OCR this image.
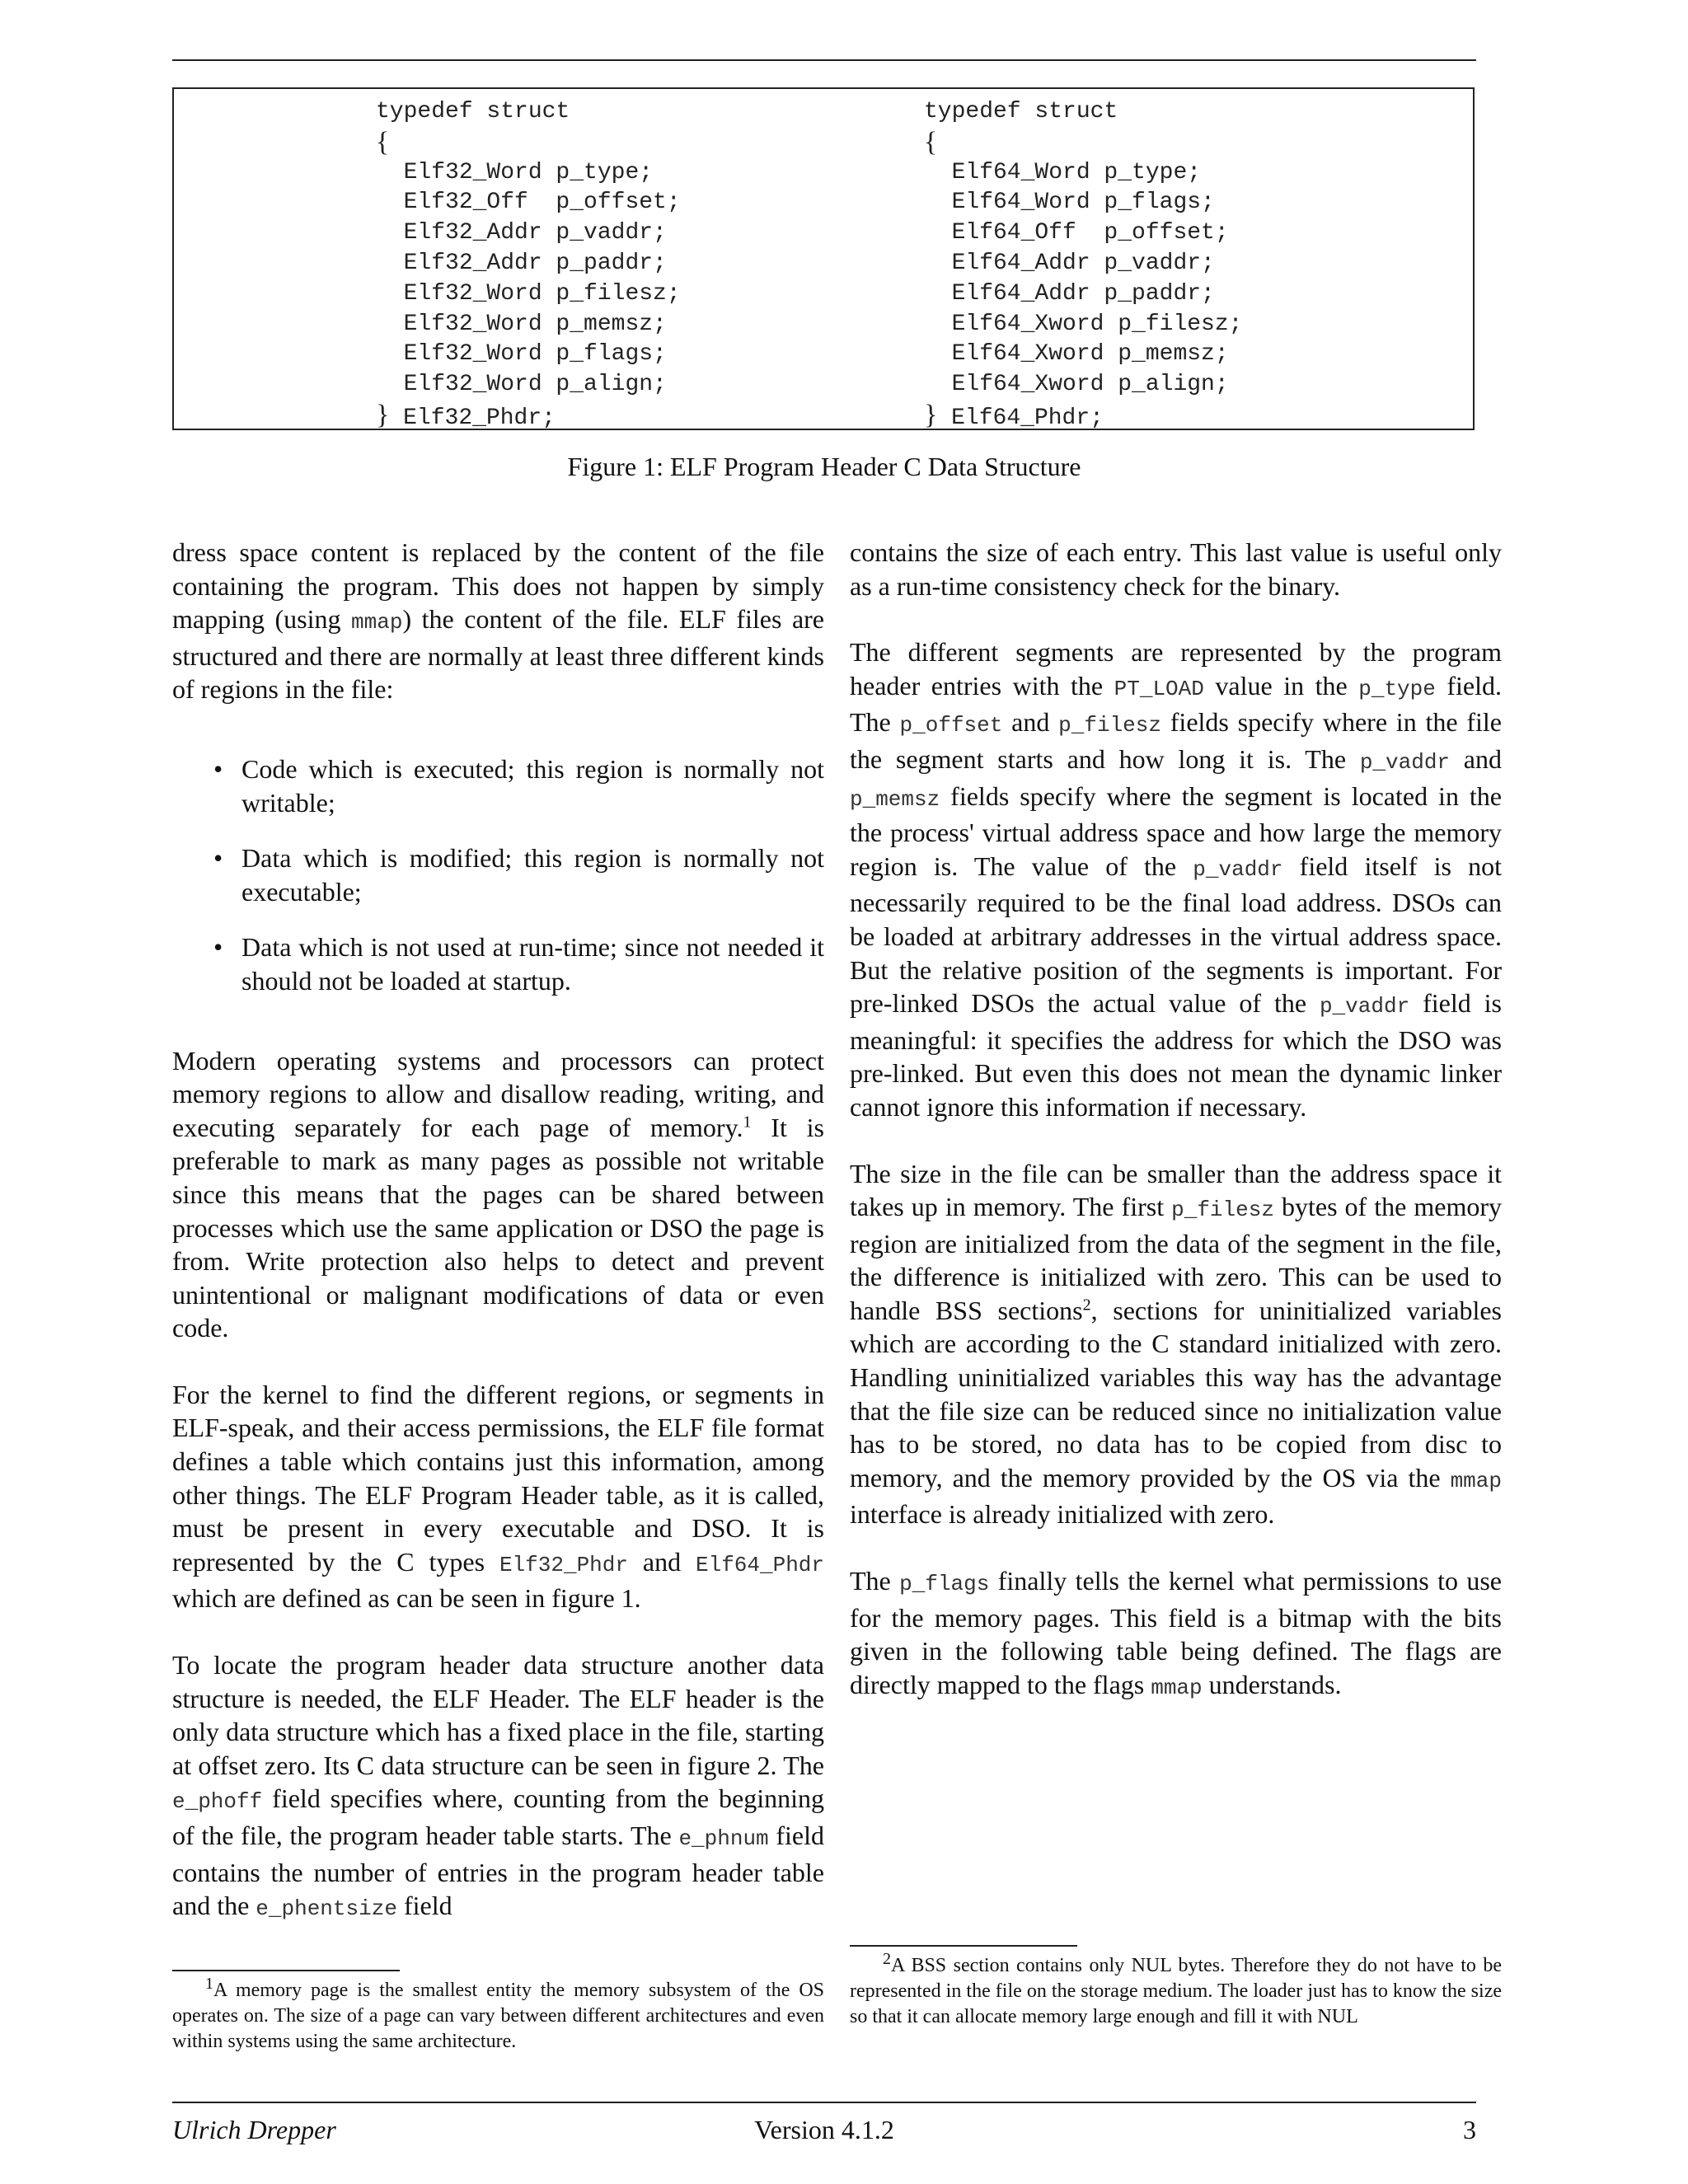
typedef struct
{
Elf32_Word p_type;
Elf32_Off  p_offset;
Elf32_Addr p_vaddr;
Elf32_Addr p_paddr;
Elf32_Word p_filesz;
Elf32_Word p_memsz;
Elf32_Word p_flags;
Elf32_Word p_align;
} Elf32_Phdr;
typedef struct
{
Elf64_Word p_type;
Elf64_Word p_flags;
Elf64_Off  p_offset;
Elf64_Addr p_vaddr;
Elf64_Addr p_paddr;
Elf64_Xword p_filesz;
Elf64_Xword p_memsz;
Elf64_Xword p_align;
} Elf64_Phdr;
Figure 1: ELF Program Header C Data Structure

dress space content is replaced by the content of the file containing the program. This does not happen by simply mapping (using mmap) the content of the file. ELF files are structured and there are normally at least three different kinds of regions in the file:

• Code which is executed; this region is normally not writable;
• Data which is modified; this region is normally not executable;
• Data which is not used at run-time; since not needed it should not be loaded at startup.

Modern operating systems and processors can protect memory regions to allow and disallow reading, writing, and executing separately for each page of memory.$^1$ It is preferable to mark as many pages as possible not writable since this means that the pages can be shared between processes which use the same application or DSO the page is from. Write protection also helps to detect and prevent unintentional or malignant modifications of data or even code.

For the kernel to find the different regions, or segments in ELF-speak, and their access permissions, the ELF file format defines a table which contains just this information, among other things. The ELF Program Header table, as it is called, must be present in every executable and DSO. It is represented by the C types Elf32_Phdr and Elf64_Phdr which are defined as can be seen in figure 1.

To locate the program header data structure another data structure is needed, the ELF Header. The ELF header is the only data structure which has a fixed place in the file, starting at offset zero. Its C data structure can be seen in figure 2. The e_phoff field specifies where, counting from the beginning of the file, the program header table starts. The e_phnum field contains the number of entries in the program header table and the e_phentsize field

$^1$A memory page is the smallest entity the memory subsystem of the OS operates on. The size of a page can vary between different architectures and even within systems using the same architecture.

contains the size of each entry. This last value is useful only as a run-time consistency check for the binary.

The different segments are represented by the program header entries with the PT_LOAD value in the p_type field. The p_offset and p_filesz fields specify where in the file the segment starts and how long it is. The p_vaddr and p_memsz fields specify where the segment is located in the the process' virtual address space and how large the memory region is. The value of the p_vaddr field itself is not necessarily required to be the final load address. DSOs can be loaded at arbitrary addresses in the virtual address space. But the relative position of the segments is important. For pre-linked DSOs the actual value of the p_vaddr field is meaningful: it specifies the address for which the DSO was pre-linked. But even this does not mean the dynamic linker cannot ignore this information if necessary.

The size in the file can be smaller than the address space it takes up in memory. The first p_filesz bytes of the memory region are initialized from the data of the segment in the file, the difference is initialized with zero. This can be used to handle BSS sections$^2$, sections for uninitialized variables which are according to the C standard initialized with zero. Handling uninitialized variables this way has the advantage that the file size can be reduced since no initialization value has to be stored, no data has to be copied from disc to memory, and the memory provided by the OS via the mmap interface is already initialized with zero.

The p_flags finally tells the kernel what permissions to use for the memory pages. This field is a bitmap with the bits given in the following table being defined. The flags are directly mapped to the flags mmap understands.

$^2$A BSS section contains only NUL bytes. Therefore they do not have to be represented in the file on the storage medium. The loader just has to know the size so that it can allocate memory large enough and fill it with NUL
Ulrich Drepper	Version 4.1.2	3
